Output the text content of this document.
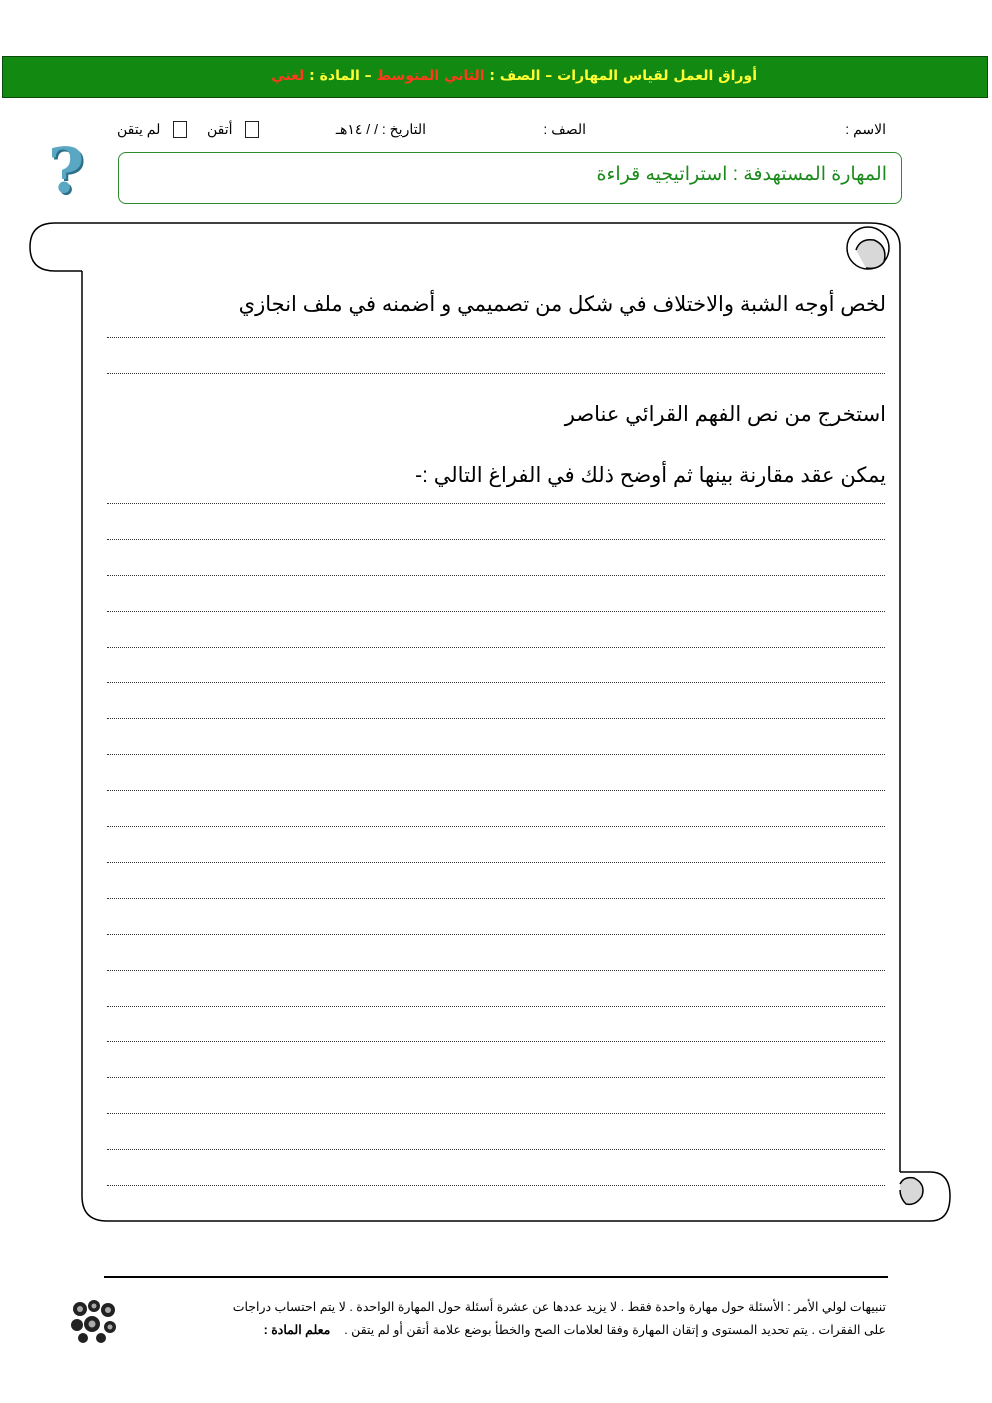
أوراق العمل لقياس المهارات – الصف : الثاني المتوسط – المادة : لغتي
الاسم :
الصف :
التاريخ : / / ١٤هـ
أتقن
لم يتقن
?	المهارة المستهدفة : استراتيجيه قراءة
لخص أوجه الشبة والاختلاف في شكل من تصميمي و أضمنه في ملف انجازي
استخرج من نص الفهم القرائي عناصر
يمكن عقد مقارنة بينها ثم أوضح ذلك في الفراغ التالي :-
تنبيهات لولي الأمر : الأسئلة حول مهارة واحدة فقط . لا يزيد عددها عن عشرة أسئلة حول المهارة الواحدة . لا يتم احتساب دراجات
على الفقرات . يتم تحديد المستوى و إتقان المهارة وفقا لعلامات الصح والخطأ بوضع علامة أتقن أو لم يتقن .    معلم المادة :
